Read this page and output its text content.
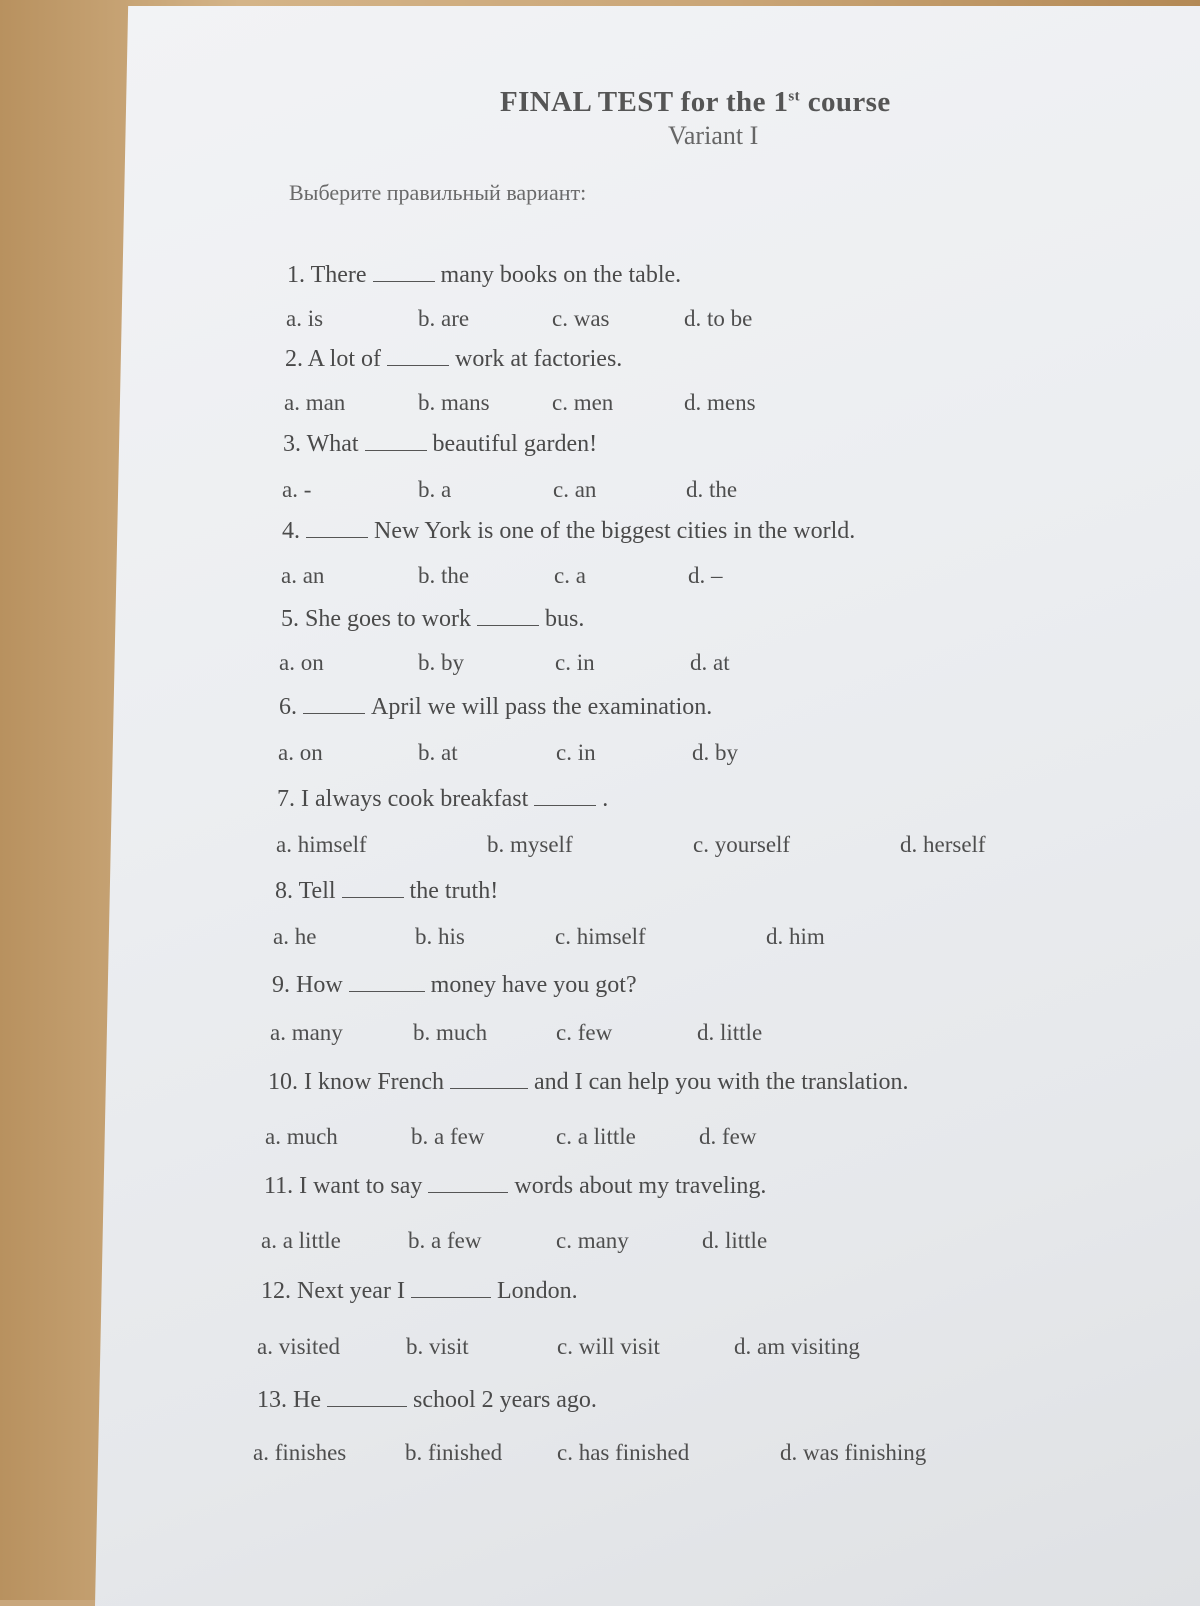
FINAL TEST for the 1st course
Variant I
Выберите правильный вариант:
1. There	many books on the table.
a. is	b. are	c. was	d. to be
2. A lot of	work at factories.
a. man	b. mans	c. men	d. mens
3. What	beautiful garden!
a. -	b. a	c. an	d. the
4.	New York is one of the biggest cities in the world.
a. an	b. the	c. a	d. –
5. She goes to work	bus.
a. on	b. by	c. in	d. at
6.	April we will pass the examination.
a. on	b. at	c. in	d. by
7. I always cook breakfast	.
a. himself	b. myself	c. yourself	d. herself
8. Tell	the truth!
a. he	b. his	c. himself	d. him
9. How	money have you got?
a. many	b. much	c. few	d. little
10. I know French	and I can help you with the translation.
a. much	b. a few	c. a little	d. few
11. I want to say	words about my traveling.
a. a little	b. a few	c. many	d. little
12. Next year I	London.
a. visited	b. visit	c. will visit	d. am visiting
13. He	school 2 years ago.
a. finishes	b. finished c. has finished	d. was finishing
